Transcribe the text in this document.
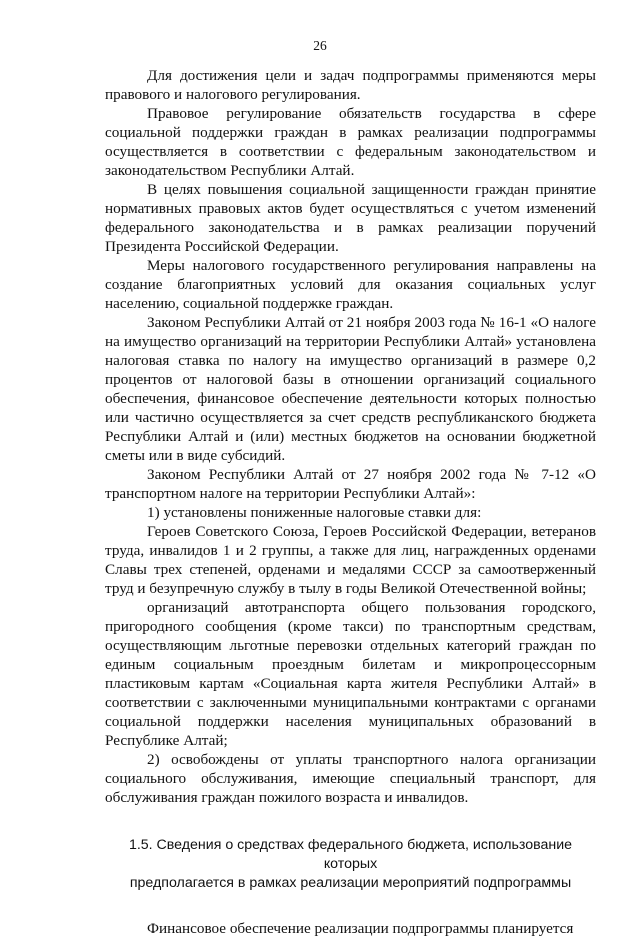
26

Для достижения цели и задач подпрограммы применяются меры правового и налогового регулирования.

Правовое регулирование обязательств государства в сфере социальной поддержки граждан в рамках реализации подпрограммы осуществляется в соответствии с федеральным законодательством и законодательством Республики Алтай.

В целях повышения социальной защищенности граждан принятие нормативных правовых актов будет осуществляться с учетом изменений федерального законодательства и в рамках реализации поручений Президента Российской Федерации.

Меры налогового государственного регулирования направлены на создание благоприятных условий для оказания социальных услуг населению, социальной поддержке граждан.

Законом Республики Алтай от 21 ноября 2003 года № 16-1 «О налоге на имущество организаций на территории Республики Алтай» установлена налоговая ставка по налогу на имущество организаций в размере 0,2 процентов от налоговой базы в отношении организаций социального обеспечения, финансовое обеспечение деятельности которых полностью или частично осуществляется за счет средств республиканского бюджета Республики Алтай и (или) местных бюджетов на основании бюджетной сметы или в виде субсидий.

Законом Республики Алтай от 27 ноября 2002 года № 7-12 «О транспортном налоге на территории Республики Алтай»:

1) установлены пониженные налоговые ставки для:

Героев Советского Союза, Героев Российской Федерации, ветеранов труда, инвалидов 1 и 2 группы, а также для лиц, награжденных орденами Славы трех степеней, орденами и медалями СССР за самоотверженный труд и безупречную службу в тылу в годы Великой Отечественной войны;

организаций автотранспорта общего пользования городского, пригородного сообщения (кроме такси) по транспортным средствам, осуществляющим льготные перевозки отдельных категорий граждан по единым социальным проездным билетам и микропроцессорным пластиковым картам «Социальная карта жителя Республики Алтай» в соответствии с заключенными муниципальными контрактами с органами социальной поддержки населения муниципальных образований в Республике Алтай;

2) освобождены от уплаты транспортного налога организации социального обслуживания, имеющие специальный транспорт, для обслуживания граждан пожилого возраста и инвалидов.

1.5. Сведения о средствах федерального бюджета, использование которых
предполагается в рамках реализации мероприятий подпрограммы

Финансовое обеспечение реализации подпрограммы планируется
